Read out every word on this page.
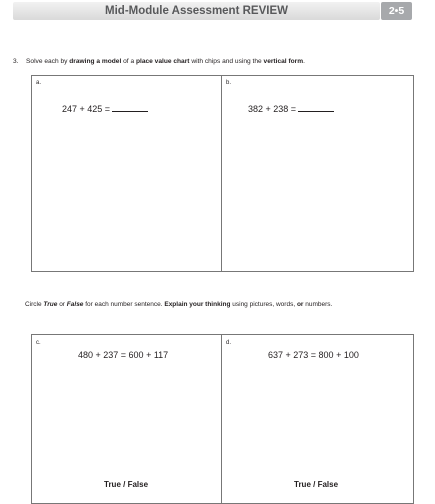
Mid-Module Assessment REVIEW	2•5
3. Solve each by drawing a model of a place value chart with chips and using the vertical form.
a.
247 + 425 =
b.
382 + 238 =
Circle True or False for each number sentence. Explain your thinking using pictures, words, or numbers.
c.
480 + 237 = 600 + 117
True / False
d.
637 + 273 = 800 + 100
True / False
